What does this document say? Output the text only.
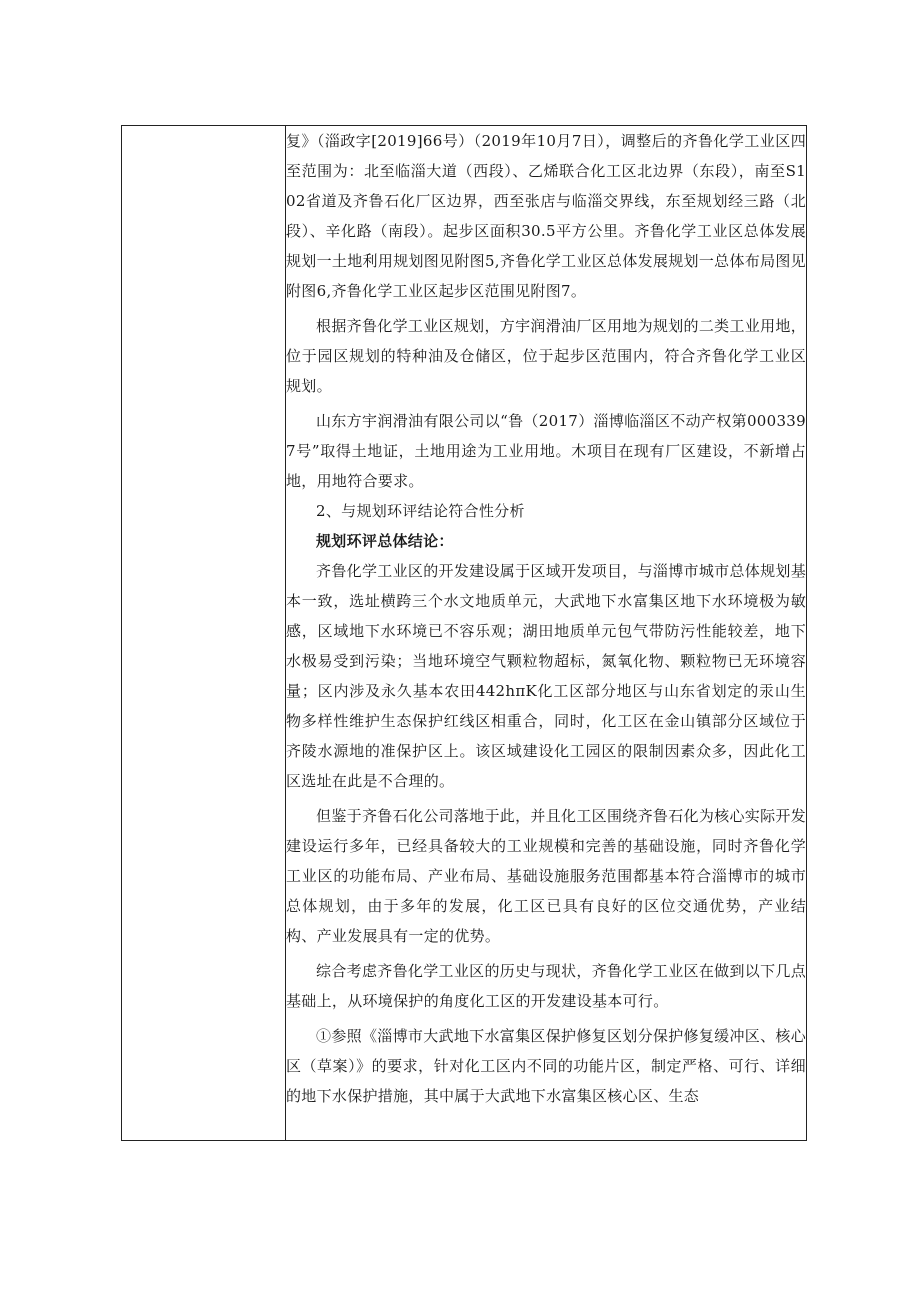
复》（淄政字[2019]66号）（2019年10月7日），调整后的齐鲁化学工业区四至范围为：北至临淄大道（西段）、乙烯联合化工区北边界（东段），南至S102省道及齐鲁石化厂区边界，西至张店与临淄交界线，东至规划经三路（北段）、辛化路（南段）。起步区面积30.5平方公里。齐鲁化学工业区总体发展规划一土地利用规划图见附图5,齐鲁化学工业区总体发展规划一总体布局图见附图6,齐鲁化学工业区起步区范围见附图7。

根据齐鲁化学工业区规划，方宇润滑油厂区用地为规划的二类工业用地，位于园区规划的特种油及仓储区，位于起步区范围内，符合齐鲁化学工业区规划。

山东方宇润滑油有限公司以“鲁（2017）淄博临淄区不动产权第0003397号”取得土地证，土地用途为工业用地。木项目在现有厂区建设，不新增占地，用地符合要求。

2、与规划环评结论符合性分析

规划环评总体结论：

齐鲁化学工业区的开发建设属于区域开发项目，与淄博市城市总体规划基本一致，选址横跨三个水文地质单元，大武地下水富集区地下水环境极为敏感，区域地下水环境已不容乐观；湖田地质单元包气带防污性能较差，地下水极易受到污染；当地环境空气颗粒物超标，氮氧化物、颗粒物已无环境容量；区内涉及永久基本农田442hπK化工区部分地区与山东省划定的汞山生物多样性维护生态保护红线区相重合，同时，化工区在金山镇部分区域位于齐陵水源地的准保护区上。该区域建设化工园区的限制因素众多，因此化工区选址在此是不合理的。

但鉴于齐鲁石化公司落地于此，并且化工区围绕齐鲁石化为核心实际开发建设运行多年，已经具备较大的工业规模和完善的基础设施，同时齐鲁化学工业区的功能布局、产业布局、基础设施服务范围都基本符合淄博市的城市总体规划，由于多年的发展，化工区已具有良好的区位交通优势，产业结构、产业发展具有一定的优势。

综合考虑齐鲁化学工业区的历史与现状，齐鲁化学工业区在做到以下几点基础上，从环境保护的角度化工区的开发建设基本可行。

①参照《淄博市大武地下水富集区保护修复区划分保护修复缓冲区、核心区（草案）》的要求，针对化工区内不同的功能片区，制定严格、可行、详细的地下水保护措施，其中属于大武地下水富集区核心区、生态
